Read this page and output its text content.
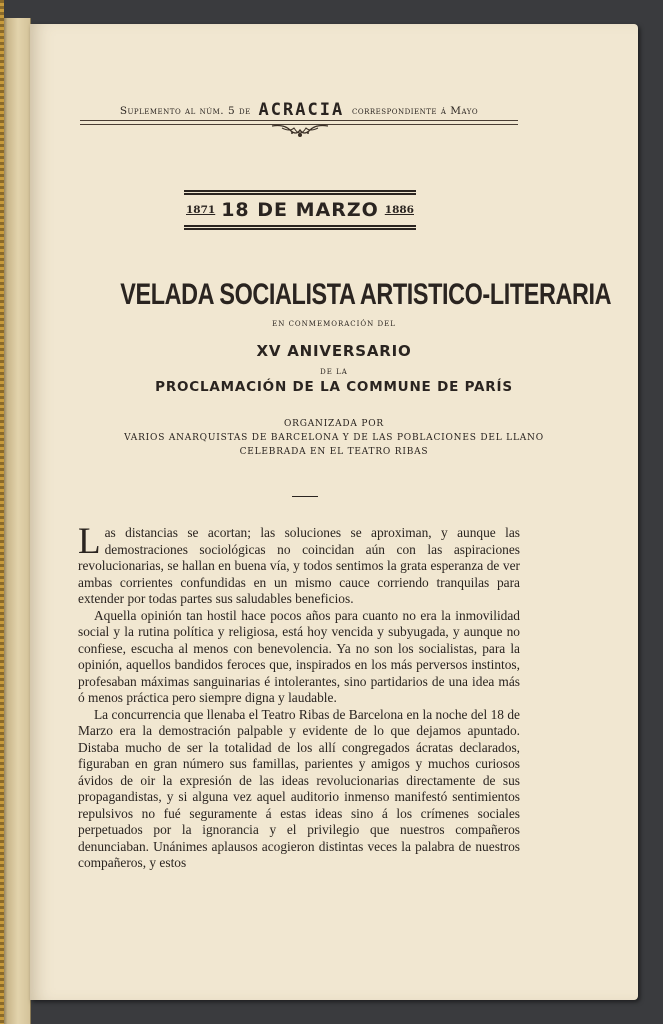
Suplemento al núm. 5 de ACRACIA correspondiente á Mayo
1871 18 DE MARZO 1886
VELADA SOCIALISTA ARTISTICO-LITERARIA
EN CONMEMORACIÓN DEL
XV ANIVERSARIO
DE LA
PROCLAMACIÓN DE LA COMMUNE DE PARÍS
ORGANIZADA POR
VARIOS ANARQUISTAS DE BARCELONA Y DE LAS POBLACIONES DEL LLANO
CELEBRADA EN EL TEATRO RIBAS

Las distancias se acortan; las soluciones se aproximan, y aunque las demostraciones sociológicas no coincidan aún con las aspiraciones revolucionarias, se hallan en buena vía, y todos sentimos la grata esperanza de ver ambas corrientes confundidas en un mismo cauce corriendo tranquilas para extender por todas partes sus saludables beneficios.

Aquella opinión tan hostil hace pocos años para cuanto no era la inmovilidad social y la rutina política y religiosa, está hoy vencida y subyugada, y aunque no confiese, escucha al menos con benevolencia. Ya no son los socialistas, para la opinión, aquellos bandidos feroces que, inspirados en los más perversos instintos, profesaban máximas sanguinarias é intolerantes, sino partidarios de una idea más ó menos práctica pero siempre digna y laudable.

La concurrencia que llenaba el Teatro Ribas de Barcelona en la noche del 18 de Marzo era la demostración palpable y evidente de lo que dejamos apuntado. Distaba mucho de ser la totalidad de los allí congregados ácratas declarados, figuraban en gran número sus famillas, parientes y amigos y muchos curiosos ávidos de oir la expresión de las ideas revolucionarias directamente de sus propagandistas, y si alguna vez aquel auditorio inmenso manifestó sentimientos repulsivos no fué seguramente á estas ideas sino á los crímenes sociales perpetuados por la ignorancia y el privilegio que nuestros compañeros denunciaban. Unánimes aplausos acogieron distintas veces la palabra de nuestros compañeros, y estos
